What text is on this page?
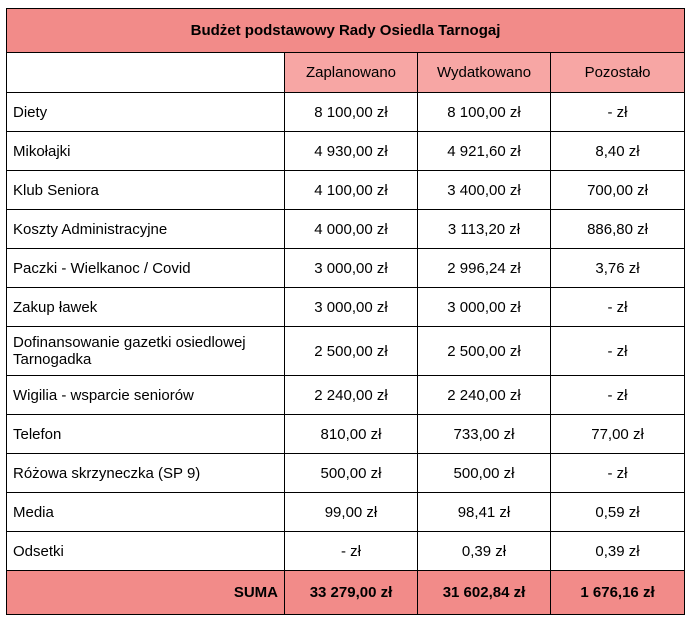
Budżet podstawowy Rady Osiedla Tarnogaj			
	Zaplanowano	Wydatkowano	Pozostało
Diety	8 100,00 zł	8 100,00 zł	- zł
Mikołajki	4 930,00 zł	4 921,60 zł	8,40 zł
Klub Seniora	4 100,00 zł	3 400,00 zł	700,00 zł
Koszty Administracyjne	4 000,00 zł	3 113,20 zł	886,80 zł
Paczki - Wielkanoc / Covid	3 000,00 zł	2 996,24 zł	3,76 zł
Zakup ławek	3 000,00 zł	3 000,00 zł	- zł
Dofinansowanie gazetki osiedlowej Tarnogadka	2 500,00 zł	2 500,00 zł	- zł
Wigilia - wsparcie seniorów	2 240,00 zł	2 240,00 zł	- zł
Telefon	810,00 zł	733,00 zł	77,00 zł
Różowa skrzyneczka (SP 9)	500,00 zł	500,00 zł	- zł
Media	99,00 zł	98,41 zł	0,59 zł
Odsetki	- zł	0,39 zł	0,39 zł
SUMA	33 279,00 zł	31 602,84 zł	1 676,16 zł
